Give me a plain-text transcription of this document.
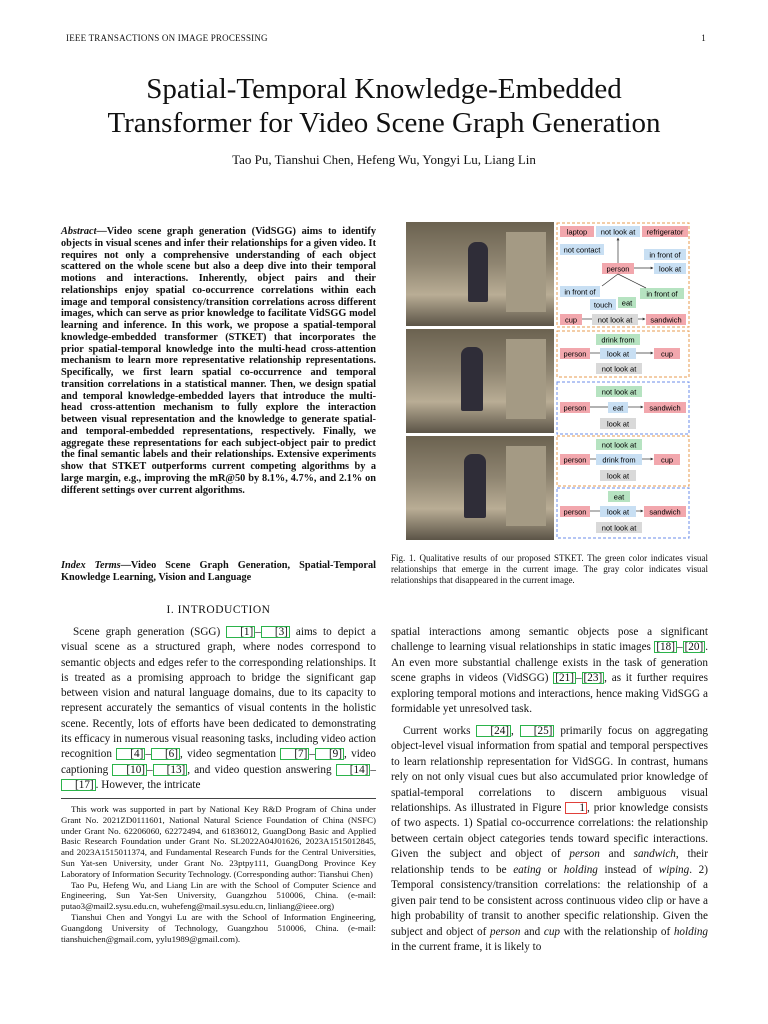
IEEE TRANSACTIONS ON IMAGE PROCESSING	1
Spatial-Temporal Knowledge-Embedded
Transformer for Video Scene Graph Generation
Tao Pu, Tianshui Chen, Hefeng Wu, Yongyi Lu, Liang Lin
Abstract—Video scene graph generation (VidSGG) aims to identify objects in visual scenes and infer their relationships for a given video. It requires not only a comprehensive understanding of each object scattered on the whole scene but also a deep dive into their temporal motions and interactions. Inherently, object pairs and their relationships enjoy spatial co-occurrence correlations within each image and temporal consistency/transition correlations across different images, which can serve as prior knowledge to facilitate VidSGG model learning and inference. In this work, we propose a spatial-temporal knowledge-embedded transformer (STKET) that incorporates the prior spatial-temporal knowledge into the multi-head cross-attention mechanism to learn more representative relationship representations. Specifically, we first learn spatial co-occurrence and temporal transition correlations in a statistical manner. Then, we design spatial and temporal knowledge-embedded layers that introduce the multi-head cross-attention mechanism to fully explore the interaction between visual representation and the knowledge to generate spatial- and temporal-embedded representations, respectively. Finally, we aggregate these representations for each subject-object pair to predict the final semantic labels and their relationships. Extensive experiments show that STKET outperforms current competing algorithms by a large margin, e.g., improving the mR@50 by 8.1%, 4.7%, and 2.1% on different settings over current algorithms.
Index Terms—Video Scene Graph Generation, Spatial-Temporal Knowledge Learning, Vision and Language
I. INTRODUCTION

Scene graph generation (SGG) [1] – [3] aims to depict a visual scene as a structured graph, where nodes correspond to semantic objects and edges refer to the corresponding relationships. It is treated as a promising approach to bridge the significant gap between vision and natural language domains, due to its capacity to represent accurately the semantics of visual contents in the holistic scene. Recently, lots of efforts have been dedicated to demonstrating its efficacy in numerous visual reasoning tasks, including video action recognition [4] – [6] , video segmentation [7] – [9] , video captioning [10] – [13] , and video question answering [14] –[17] . However, the intricate

This work was supported in part by National Key R&D Program of China under Grant No. 2021ZD0111601, National Natural Science Foundation of China (NSFC) under Grant No. 62206060, 62272494, and 61836012, GuangDong Basic and Applied Basic Research Foundation under Grant No. SL2022A04J01626, 2023A1515012845, and 2023A1515011374, and Fundamental Research Funds for the Central Universities, Sun Yat-sen University, under Grant No. 23ptpy111, GuangDong Province Key Laboratory of Information Security Technology. (Corresponding author: Tianshui Chen)

Tao Pu, Hefeng Wu, and Liang Lin are with the School of Computer Science and Engineering, Sun Yat-Sen University, Guangzhou 510006, China. (e-mail: putao3@mail2.sysu.edu.cn, wuhefeng@mail.sysu.edu.cn, linliang@ieee.org)

Tianshui Chen and Yongyi Lu are with the School of Information Engineering, Guangdong University of Technology, Guangzhou 510006, China. (e-mail: tianshuichen@gmail.com, yylu1989@gmail.com).

laptop not look at refrigerator
not contact
in front of
person	look at
in front of	in front of
touch eat
cup	not look at sandwich
drink from
person	look at	cup
not look at
not look at
person	eat	sandwich
look at
not look at
person drink from	cup
look at
eat
person	look at	sandwich
not look at
Fig. 1. Qualitative results of our proposed STKET. The green color indicates visual relationships that emerge in the current image. The gray color indicates visual relationships that disappeared in the current image.

spatial interactions among semantic objects pose a significant challenge to learning visual relationships in static images [18] – [20] . An even more substantial challenge exists in the task of generation scene graphs in videos (VidSGG) [21] – [23] , as it further requires exploring temporal motions and interactions, hence making VidSGG a formidable yet unresolved task.

Current works [24] , [25] primarily focus on aggregating object-level visual information from spatial and temporal perspectives to learn relationship representation for VidSGG. In contrast, humans rely on not only visual cues but also accumulated prior knowledge of spatial-temporal correlations to discern ambiguous visual relationships. As illustrated in Figure 1 , prior knowledge consists of two aspects. 1) Spatial co-occurrence correlations: the relationship between certain object categories tends toward specific interactions. Given the subject and object of person and sandwich, their relationship tends to be eating or holding instead of wiping. 2) Temporal consistency/transition correlations: the relationship of a given pair tend to be consistent across continuous video clip or have a high probability of transit to another specific relationship. Given the subject and object of person and cup with the relationship of holding in the current frame, it is likely to
